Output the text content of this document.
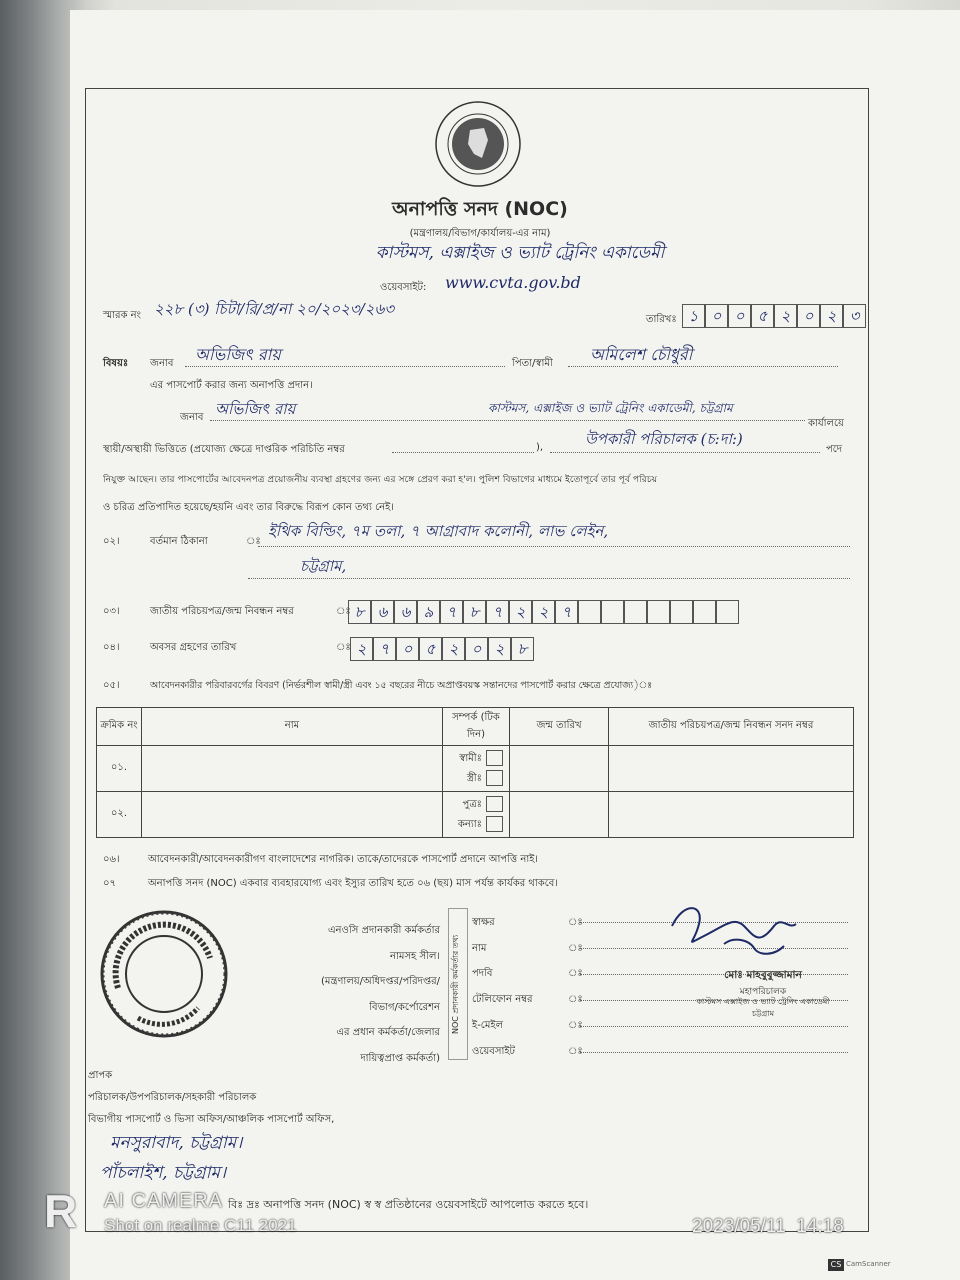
অনাপত্তি সনদ (NOC)
(মন্ত্রণালয়/বিভাগ/কার্যালয়-এর নাম)
কাস্টমস, এক্সাইজ ও ভ্যাট ট্রেনিং একাডেমী
ওয়েবসাইট: www.cvta.gov.bd
স্মারক নং ২২৮ (৩) চিটা/রি/প্র/না ২০/২০২৩/২৬৩
তারিখঃ ১ ০ ০ ৫ ২ ০ ২ ৩
বিষয়ঃ জনাব অভিজিৎ রায়	পিতা/স্বামী অমিলেশ চৌধুরী
এর পাসপোর্ট করার জন্য অনাপত্তি প্রদান।
জনাব অভিজিৎ রায়	কাস্টমস, এক্সাইজ ও ভ্যাট ট্রেনিং একাডেমী, চট্টগ্রাম
কার্যালয়ে
স্থায়ী/অস্থায়ী ভিত্তিতে (প্রযোজ্য ক্ষেত্রে দাপ্তরিক পরিচিতি নম্বর	),	উপকারী পরিচালক (চ:দা:)
পদে
নিযুক্ত আছেন। তার পাসপোর্টের আবেদনপত্র প্রয়োজনীয় ব্যবস্থা গ্রহণের জন্য এর সঙ্গে প্রেরণ করা হ'ল। পুলিশ বিভাগের মাধ্যমে ইতোপূর্বে তার পূর্ব পরিচয়
ও চরিত্র প্রতিপাদিত হয়েছে/হয়নি এবং তার বিরুদ্ধে বিরূপ কোন তথ্য নেই।
০২।	বর্তমান ঠিকানা	ঃ
ইথিক বিল্ডিং, ৭ম তলা, ৭ আগ্রাবাদ কলোনী, লাভ লেইন,
চট্টগ্রাম,
০৩।	জাতীয় পরিচয়পত্র/জন্ম নিবন্ধন নম্বর	ঃ ৮ ৬ ৬ ৯ ৭ ৮ ৭ ২ ২ ৭
০৪।	অবসর গ্রহণের তারিখ	ঃ ২ ৭ ০ ৫ ২ ০ ২ ৮
০৫।	আবেদনকারীর পরিবারবর্গের বিবরণ (নির্ভরশীল স্বামী/স্ত্রী এবং ১৫ বছরের নীচে অপ্রাপ্তবয়স্ক সন্তানদের পাসপোর্ট করার ক্ষেত্রে প্রযোজ্য)ঃ
ক্রমিক নং	নাম	সম্পর্ক (টিক দিন)	জন্ম তারিখ	জাতীয় পরিচয়পত্র/জন্ম নিবন্ধন সনদ নম্বর
০১.		স্বামীঃ
স্ত্রীঃ		

০২.		পুত্রঃ
কন্যাঃ		

০৬।	আবেদনকারী/আবেদনকারীগণ বাংলাদেশের নাগরিক। তাকে/তাদেরকে পাসপোর্ট প্রদানে আপত্তি নাই।
০৭	অনাপত্তি সনদ (NOC) একবার ব্যবহারযোগ্য এবং ইস্যুর তারিখ হতে ০৬ (ছয়) মাস পর্যন্ত কার্যকর থাকবে।
এনওসি প্রদানকারী কর্মকর্তার
নামসহ সীল।
(মন্ত্রণালয়/অধিদপ্তর/পরিদপ্তর/
বিভাগ/কর্পোরেশন
এর প্রধান কর্মকর্তা/জেলার
দায়িত্বপ্রাপ্ত কর্মকর্তা)
NOC প্রদানকারী কর্মকর্তার তথ্য
স্বাক্ষর
নাম
পদবি
টেলিফোন নম্বর
ই-মেইল
ওয়েবসাইট
ঃ
ঃ
ঃ
ঃ
ঃ
ঃ
মোঃ মাহবুবুজ্জামান
মহাপরিচালক
কাস্টমস এক্সাইজ ও ভ্যাট ট্রেনিং একাডেমী
চট্টগ্রাম
প্রাপক
পরিচালক/উপপরিচালক/সহকারী পরিচালক
বিভাগীয় পাসপোর্ট ও ভিসা অফিস/আঞ্চলিক পাসপোর্ট অফিস,
মনসুরাবাদ, চট্টগ্রাম।
পাঁচলাইশ, চট্টগ্রাম।
বিঃ দ্রঃ অনাপত্তি সনদ (NOC) স্ব স্ব প্রতিষ্ঠানের ওয়েবসাইটে আপলোড করতে হবে।
R AI CAMERA
Shot on realme C11 2021	2023/05/11  14:18
CS CamScanner
